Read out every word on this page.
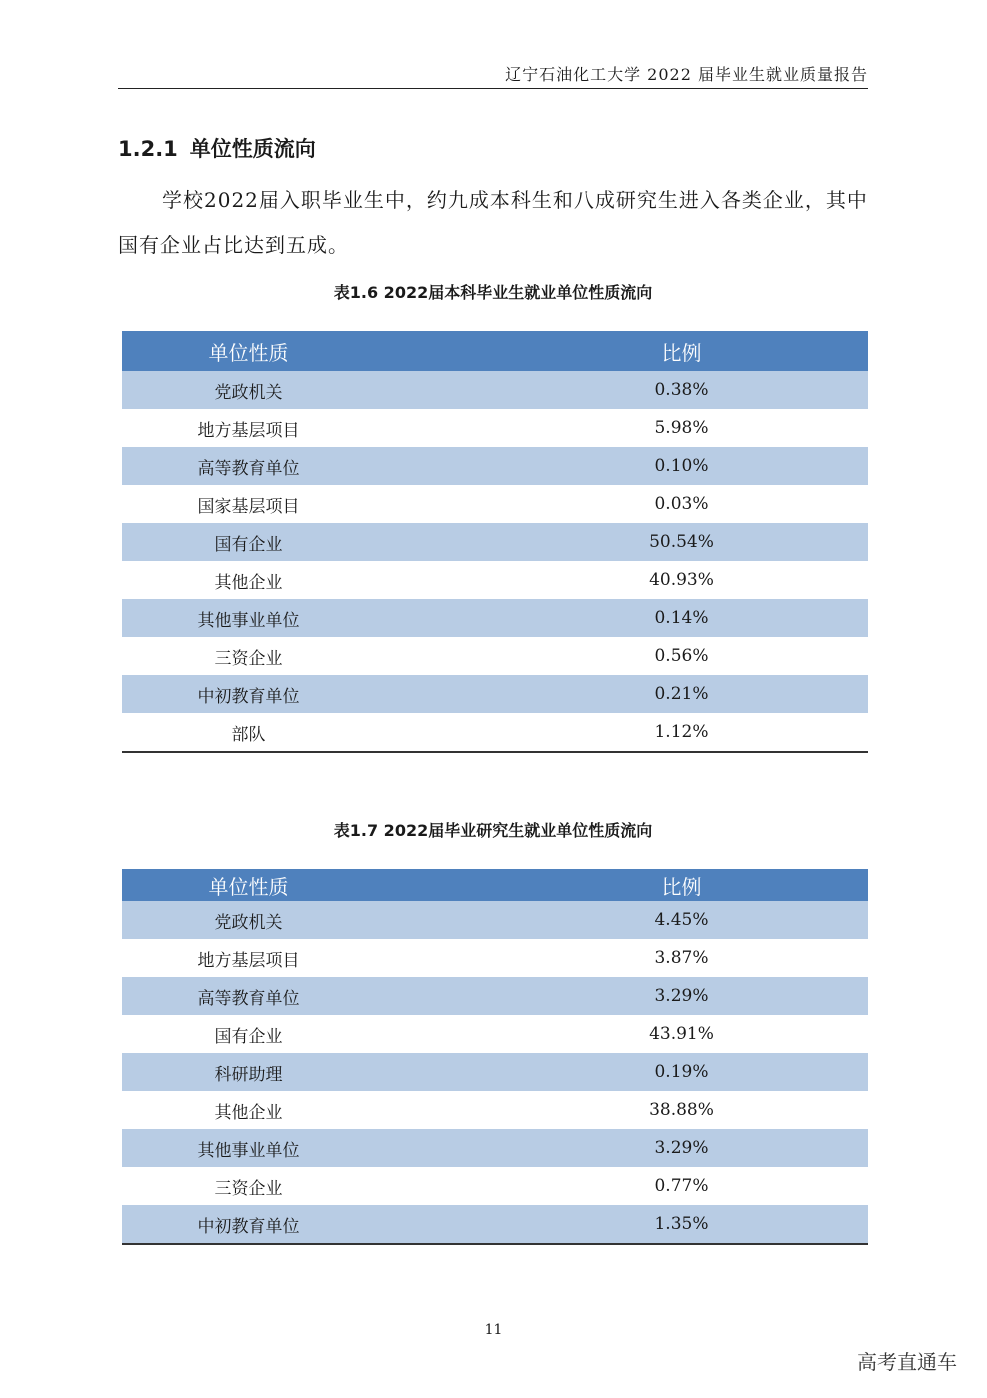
辽宁石油化工大学 2022 届毕业生就业质量报告
1.2.1 单位性质流向
学校2022届入职毕业生中，约九成本科生和八成研究生进入各类企业，其中国有企业占比达到五成。
表1.6 2022届本科毕业生就业单位性质流向
单位性质	比例
党政机关	0.38%
地方基层项目	5.98%
高等教育单位	0.10%
国家基层项目	0.03%
国有企业	50.54%
其他企业	40.93%
其他事业单位	0.14%
三资企业	0.56%
中初教育单位	0.21%
部队	1.12%
表1.7 2022届毕业研究生就业单位性质流向
单位性质	比例
党政机关	4.45%
地方基层项目	3.87%
高等教育单位	3.29%
国有企业	43.91%
科研助理	0.19%
其他企业	38.88%
其他事业单位	3.29%
三资企业	0.77%
中初教育单位	1.35%
11
高考直通车
